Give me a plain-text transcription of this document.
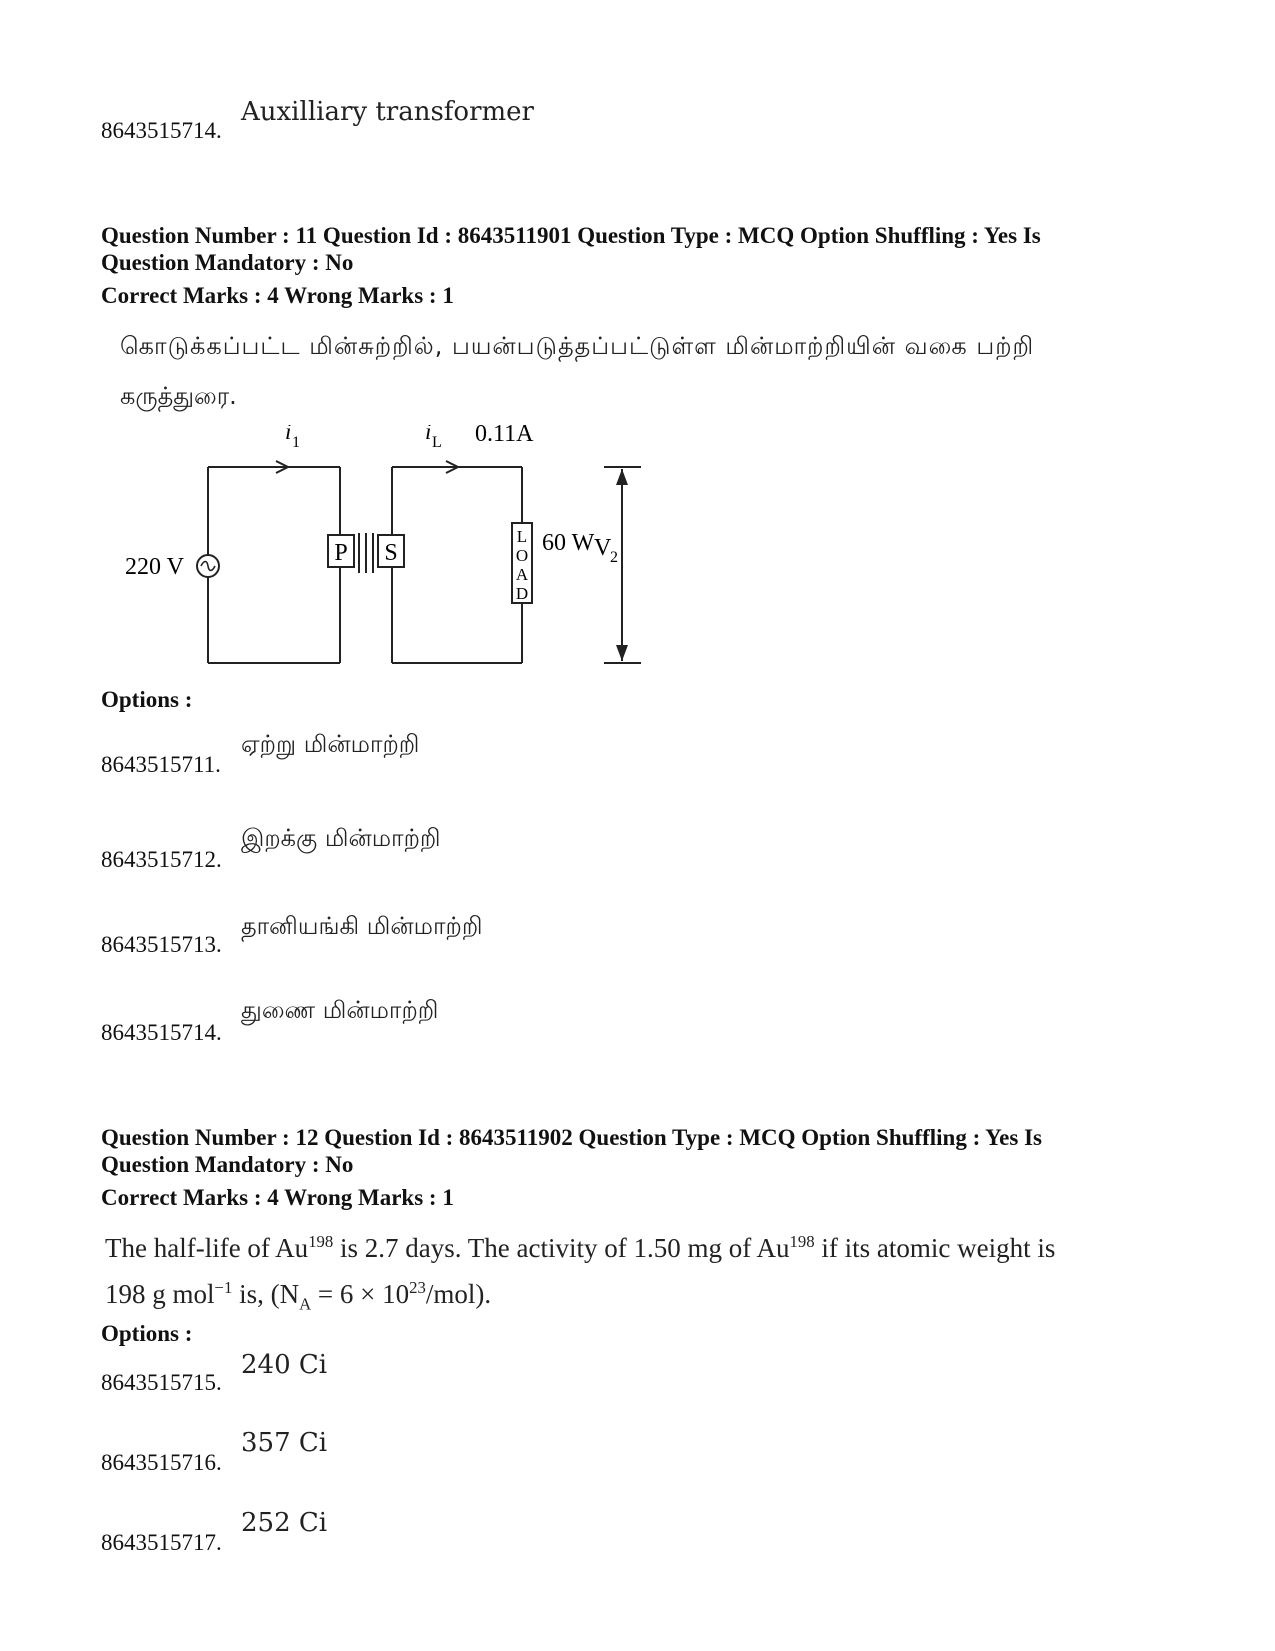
8643515714.
Auxilliary transformer
Question Number : 11 Question Id : 8643511901 Question Type : MCQ Option Shuffling : Yes Is
Question Mandatory : No
Correct Marks : 4 Wrong Marks : 1
கொடுக்கப்பட்ட மின்சுற்றில், பயன்படுத்தப்பட்டுள்ள மின்மாற்றியின் வகை பற்றி
கருத்துரை.
P S
L
O
A
D
i 1	i L 0.11A
220 V
60 W V
2
Options :
8643515711.
ஏற்று மின்மாற்றி
8643515712.
இறக்கு மின்மாற்றி
8643515713.
தானியங்கி மின்மாற்றி
8643515714.
துணை மின்மாற்றி
Question Number : 12 Question Id : 8643511902 Question Type : MCQ Option Shuffling : Yes Is
Question Mandatory : No
Correct Marks : 4 Wrong Marks : 1
The half-life of Au$^{198}$ is 2.7 days. The activity of 1.50 mg of Au$^{198}$ if its atomic weight is
198 g mol$^{-1}$ is, $(N_A = 6 \times 10^{23}/mol)$.
Options :
8643515715.
240 Ci
8643515716.
357 Ci
8643515717.
252 Ci
